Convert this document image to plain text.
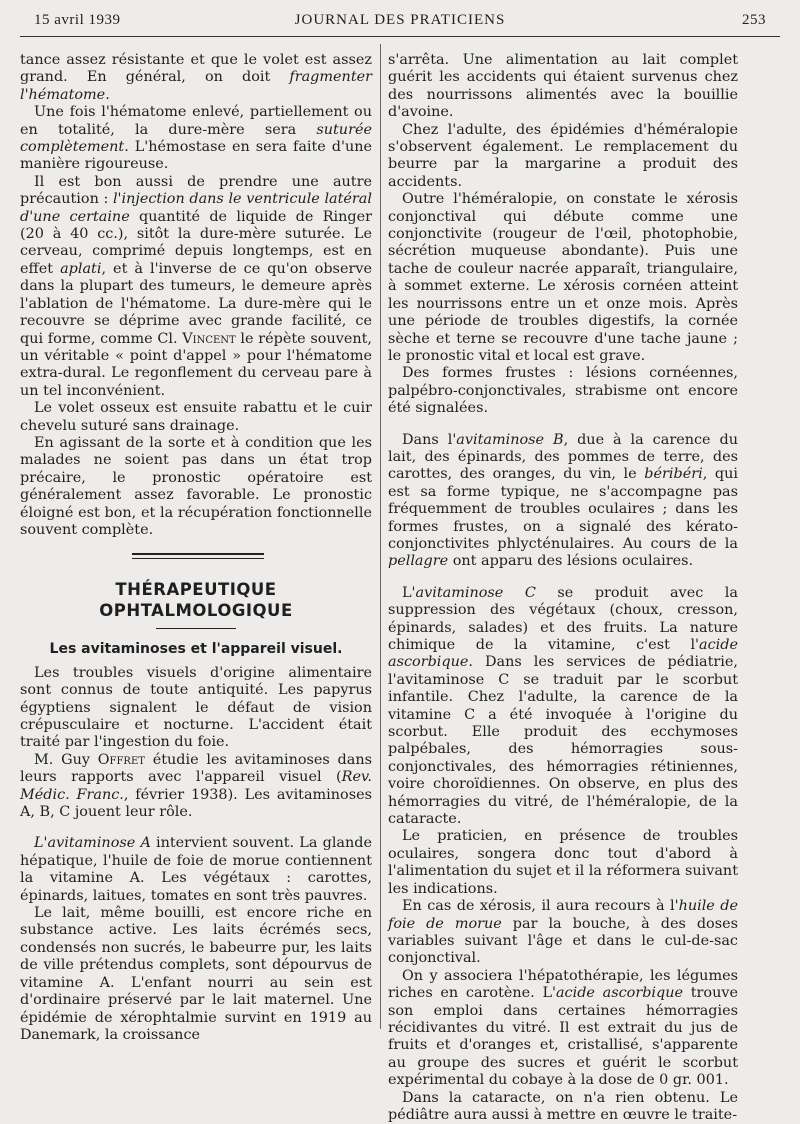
15 avril 1939	JOURNAL DES PRATICIENS	253

tance assez résistante et que le volet est assez grand. En général, on doit fragmenter l'hématome.

Une fois l'hématome enlevé, partiellement ou en totalité, la dure-mère sera suturée complètement. L'hémostase en sera faite d'une manière rigoureuse.

Il est bon aussi de prendre une autre précaution : l'injection dans le ventricule latéral d'une certaine quantité de liquide de Ringer (20 à 40 cc.), sitôt la dure-mère suturée. Le cerveau, comprimé depuis longtemps, est en effet aplati, et à l'inverse de ce qu'on observe dans la plupart des tumeurs, le demeure après l'ablation de l'hématome. La dure-mère qui le recouvre se déprime avec grande facilité, ce qui forme, comme Cl. Vincent le répète souvent, un véritable « point d'appel » pour l'hématome extra-dural. Le regonflement du cerveau pare à un tel inconvénient.

Le volet osseux est ensuite rabattu et le cuir chevelu suturé sans drainage.

En agissant de la sorte et à condition que les malades ne soient pas dans un état trop précaire, le pronostic opératoire est généralement assez favorable. Le pronostic éloigné est bon, et la récupération fonctionnelle souvent complète.

THÉRAPEUTIQUE
OPHTALMOLOGIQUE
Les avitaminoses et l'appareil visuel.

Les troubles visuels d'origine alimentaire sont connus de toute antiquité. Les papyrus égyptiens signalent le défaut de vision crépusculaire et nocturne. L'accident était traité par l'ingestion du foie.

M. Guy Offret étudie les avitaminoses dans leurs rapports avec l'appareil visuel (Rev. Médic. Franc., février 1938). Les avitaminoses A, B, C jouent leur rôle.

L'avitaminose A intervient souvent. La glande hépatique, l'huile de foie de morue contiennent la vitamine A. Les végétaux : carottes, épinards, laitues, tomates en sont très pauvres.

Le lait, même bouilli, est encore riche en substance active. Les laits écrémés secs, condensés non sucrés, le babeurre pur, les laits de ville prétendus complets, sont dépourvus de vitamine A. L'enfant nourri au sein est d'ordinaire préservé par le lait maternel. Une épidémie de xérophtalmie survint en 1919 au Danemark, la croissance

s'arrêta. Une alimentation au lait complet guérit les accidents qui étaient survenus chez des nourrissons alimentés avec la bouillie d'avoine.

Chez l'adulte, des épidémies d'héméralopie s'observent également. Le remplacement du beurre par la margarine a produit des accidents.

Outre l'héméralopie, on constate le xérosis conjonctival qui débute comme une conjonctivite (rougeur de l'œil, photophobie, sécrétion muqueuse abondante). Puis une tache de couleur nacrée apparaît, triangulaire, à sommet externe. Le xérosis cornéen atteint les nourrissons entre un et onze mois. Après une période de troubles digestifs, la cornée sèche et terne se recouvre d'une tache jaune ; le pronostic vital et local est grave.

Des formes frustes : lésions cornéennes, palpébro-conjonctivales, strabisme ont encore été signalées.

Dans l'avitaminose B, due à la carence du lait, des épinards, des pommes de terre, des carottes, des oranges, du vin, le béribéri, qui est sa forme typique, ne s'accompagne pas fréquemment de troubles oculaires ; dans les formes frustes, on a signalé des kérato-conjonctivites phlycténulaires. Au cours de la pellagre ont apparu des lésions oculaires.

L'avitaminose C se produit avec la suppression des végétaux (choux, cresson, épinards, salades) et des fruits. La nature chimique de la vitamine, c'est l'acide ascorbique. Dans les services de pédiatrie, l'avitaminose C se traduit par le scorbut infantile. Chez l'adulte, la carence de la vitamine C a été invoquée à l'origine du scorbut. Elle produit des ecchymoses palpébales, des hémorragies sous-conjonctivales, des hémorragies rétiniennes, voire choroïdiennes. On observe, en plus des hémorragies du vitré, de l'héméralopie, de la cataracte.

Le praticien, en présence de troubles oculaires, songera donc tout d'abord à l'alimentation du sujet et il la réformera suivant les indications.

En cas de xérosis, il aura recours à l'huile de foie de morue par la bouche, à des doses variables suivant l'âge et dans le cul-de-sac conjonctival.

On y associera l'hépatothérapie, les légumes riches en carotène. L'acide ascorbique trouve son emploi dans certaines hémorragies récidivantes du vitré. Il est extrait du jus de fruits et d'oranges et, cristallisé, s'apparente au groupe des sucres et guérit le scorbut expérimental du cobaye à la dose de 0 gr. 001.

Dans la cataracte, on n'a rien obtenu. Le pédiâtre aura aussi à mettre en œuvre le traite-
